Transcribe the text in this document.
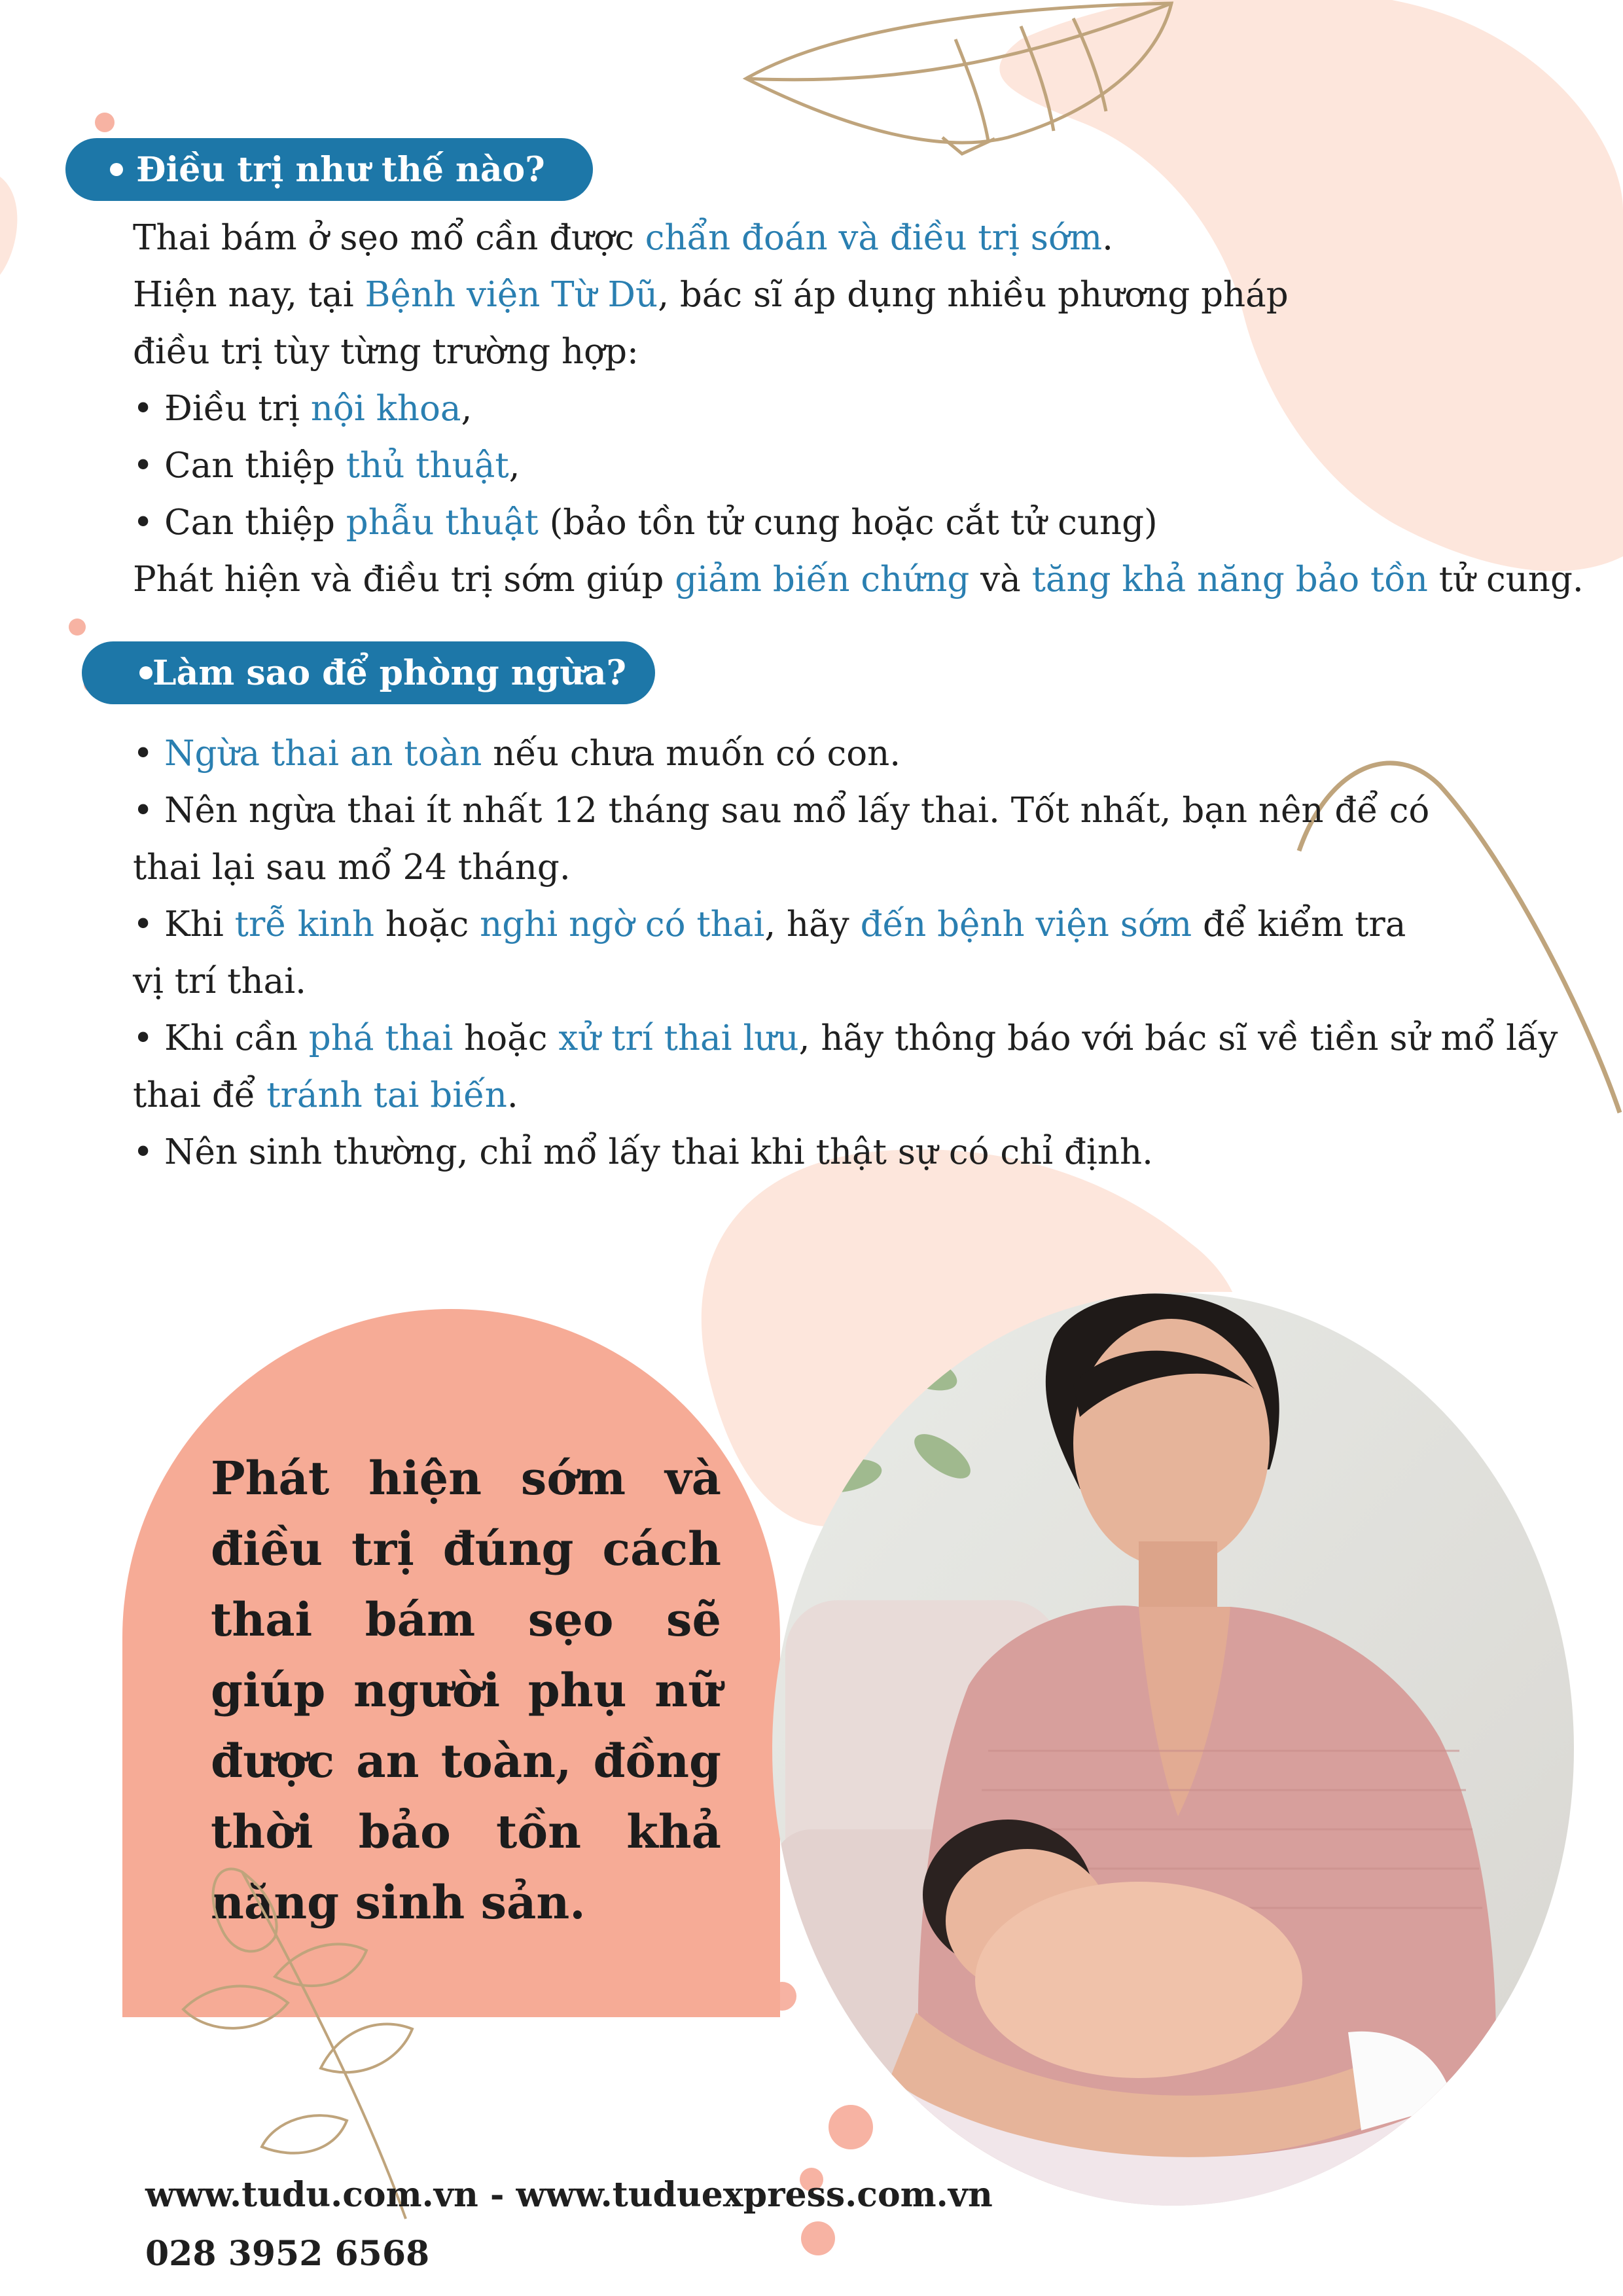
Điều trị như thế nào?
Thai bám ở sẹo mổ cần được chẩn đoán và điều trị sớm.
Hiện nay, tại Bệnh viện Từ Dũ, bác sĩ áp dụng nhiều phương pháp
điều trị tùy từng trường hợp:
• Điều trị nội khoa,
• Can thiệp thủ thuật,
• Can thiệp phẫu thuật (bảo tồn tử cung hoặc cắt tử cung)
Phát hiện và điều trị sớm giúp giảm biến chứng và tăng khả năng bảo tồn tử cung.
Làm sao để phòng ngừa?
• Ngừa thai an toàn nếu chưa muốn có con.
• Nên ngừa thai ít nhất 12 tháng sau mổ lấy thai. Tốt nhất, bạn nên để có
thai lại sau mổ 24 tháng.
• Khi trễ kinh hoặc nghi ngờ có thai, hãy đến bệnh viện sớm để kiểm tra
vị trí thai.
• Khi cần phá thai hoặc xử trí thai lưu, hãy thông báo với bác sĩ về tiền sử mổ lấy
thai để tránh tai biến.
• Nên sinh thường, chỉ mổ lấy thai khi thật sự có chỉ định.
Phát hiện sớm và điều trị đúng cách thai bám sẹo sẽ giúp người phụ nữ được an toàn, đồng thời bảo tồn khả năng sinh sản.
www.tudu.com.vn - www.tuduexpress.com.vn
028 3952 6568
